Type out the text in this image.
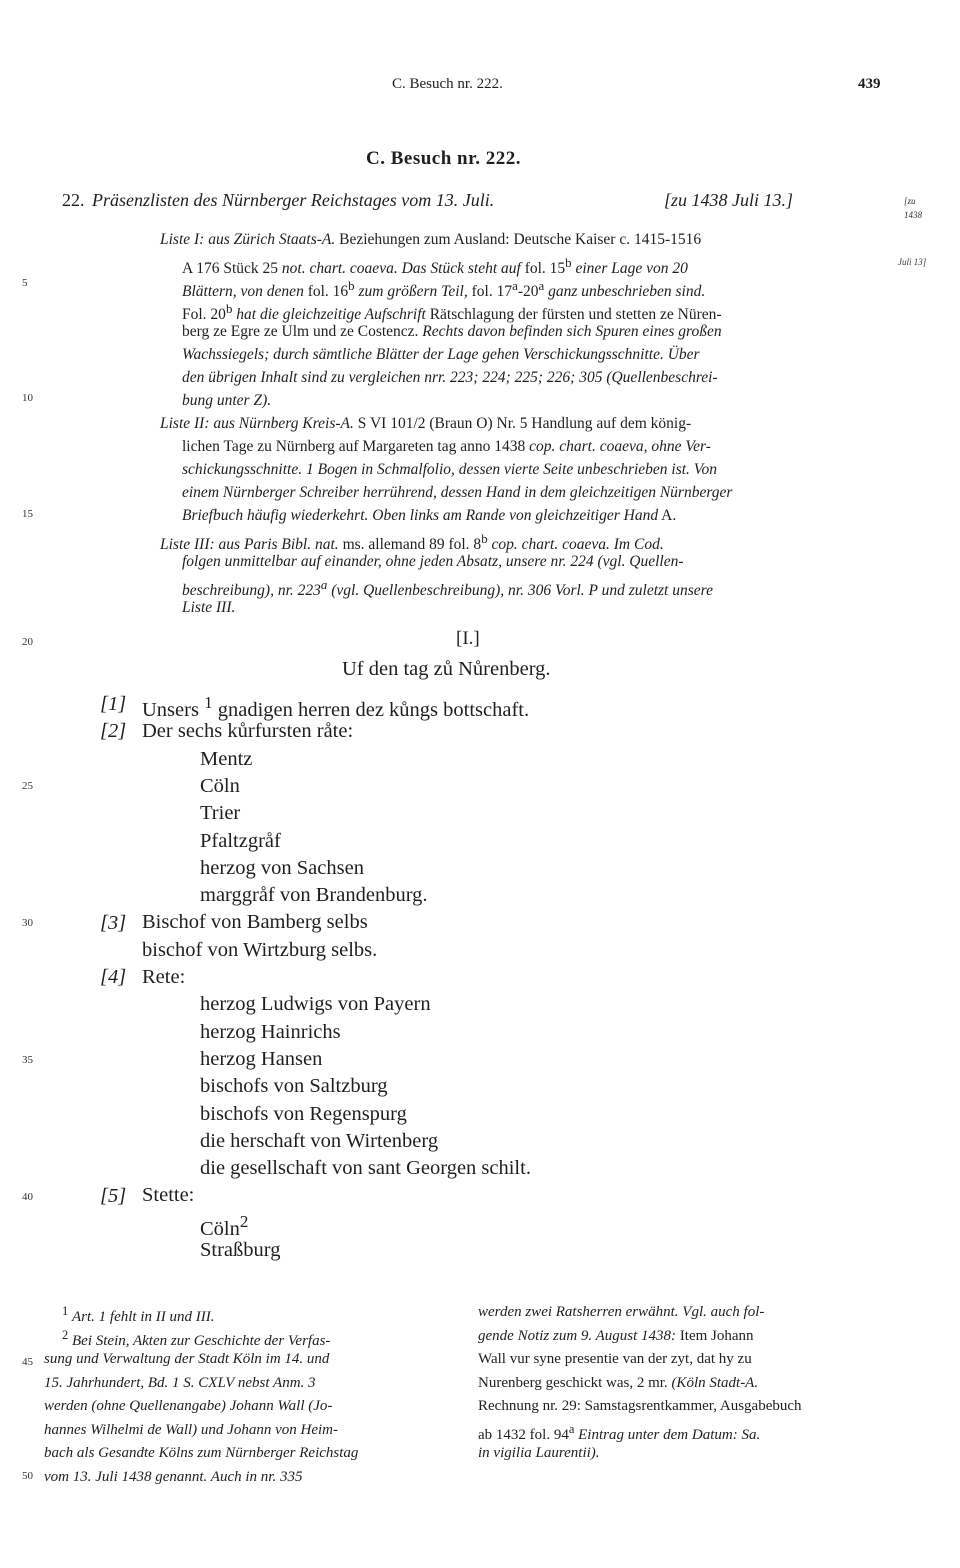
C. Besuch nr. 222.	439
C. Besuch nr. 222.
22. Präsenzlisten des Nürnberger Reichstages vom 13. Juli.	[zu 1438 Juli 13.]	[zu
1438
Juli 13]
5
10
15
20
25
30
35
40
45
50
Liste I: aus Zürich Staats-A. Beziehungen zum Ausland: Deutsche Kaiser c. 1415-1516
A 176 Stück 25 not. chart. coaeva. Das Stück steht auf fol. 15$^b$ einer Lage von 20
Blättern, von denen fol. 16$^b$ zum größern Teil, fol. 17$^a$-20$^a$ ganz unbeschrieben sind.
Fol. 20$^b$ hat die gleichzeitige Aufschrift Rätschlagung der fürsten und stetten ze Nüren-
berg ze Egre ze Ulm und ze Costencz. Rechts davon befinden sich Spuren eines großen
Wachssiegels; durch sämtliche Blätter der Lage gehen Verschickungsschnitte. Über
den übrigen Inhalt sind zu vergleichen nrr. 223; 224; 225; 226; 305 (Quellenbeschrei-
bung unter Z).
Liste II: aus Nürnberg Kreis-A. S VI 101/2 (Braun O) Nr. 5 Handlung auf dem könig-
lichen Tage zu Nürnberg auf Margareten tag anno 1438 cop. chart. coaeva, ohne Ver-
schickungsschnitte. 1 Bogen in Schmalfolio, dessen vierte Seite unbeschrieben ist. Von
einem Nürnberger Schreiber herrührend, dessen Hand in dem gleichzeitigen Nürnberger
Briefbuch häufig wiederkehrt. Oben links am Rande von gleichzeitiger Hand A.
Liste III: aus Paris Bibl. nat. ms. allemand 89 fol. 8$^b$ cop. chart. coaeva. Im Cod.
folgen unmittelbar auf einander, ohne jeden Absatz, unsere nr. 224 (vgl. Quellen-
beschreibung), nr. 223$^a$ (vgl. Quellenbeschreibung), nr. 306 Vorl. P und zuletzt unsere
Liste III.
[I.]
Uf den tag zů Nůrenberg.
[1]
[2]
[3]
[4]
[5]
Unsers $^1$ gnadigen herren dez kůngs bottschaft.
Der sechs kůrfursten råte:
Mentz
Cöln
Trier
Pfaltzgråf
herzog von Sachsen
marggråf von Brandenburg.
Bischof von Bamberg selbs
bischof von Wirtzburg selbs.
Rete:
herzog Ludwigs von Payern
herzog Hainrichs
herzog Hansen
bischofs von Saltzburg
bischofs von Regenspurg
die herschaft von Wirtenberg
die gesellschaft von sant Georgen schilt.
Stette:
Cöln$^2$
Straßburg
$^1$ Art. 1 fehlt in II und III.
$^2$ Bei Stein, Akten zur Geschichte der Verfas-
sung und Verwaltung der Stadt Köln im 14. und
15. Jahrhundert, Bd. 1 S. CXLV nebst Anm. 3
werden (ohne Quellenangabe) Johann Wall (Jo-
hannes Wilhelmi de Wall) und Johann von Heim-
bach als Gesandte Kölns zum Nürnberger Reichstag
vom 13. Juli 1438 genannt. Auch in nr. 335
werden zwei Ratsherren erwähnt. Vgl. auch fol-
gende Notiz zum 9. August 1438: Item Johann
Wall vur syne presentie van der zyt, dat hy zu
Nurenberg geschickt was, 2 mr. (Köln Stadt-A.
Rechnung nr. 29: Samstagsrentkammer, Ausgabebuch
ab 1432 fol. 94$^a$ Eintrag unter dem Datum: Sa.
in vigilia Laurentii).
